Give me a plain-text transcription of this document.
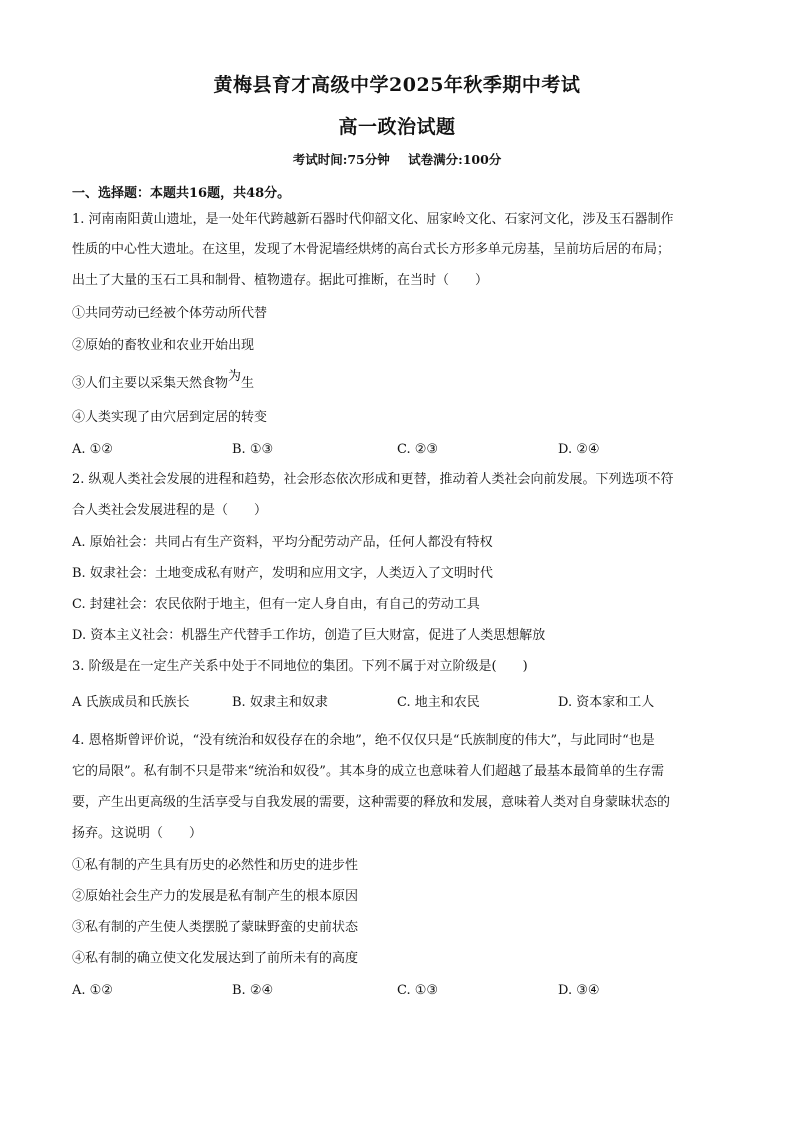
黄梅县育才高级中学2025年秋季期中考试
高一政治试题
考试时间:75分钟 试卷满分:100分
一、选择题：本题共16题，共48分。
1. 河南南阳黄山遗址，是一处年代跨越新石器时代仰韶文化、屈家岭文化、石家河文化，涉及玉石器制作
性质的中心性大遗址。在这里，发现了木骨泥墙经烘烤的高台式长方形多单元房基，呈前坊后居的布局；
出土了大量的玉石工具和制骨、植物遗存。据此可推断，在当时（　　）
①共同劳动已经被个体劳动所代替
②原始的畜牧业和农业开始出现
③人们主要以采集天然食物为生
④人类实现了由穴居到定居的转变
A. ①②	B. ①③	C. ②③	D. ②④
2. 纵观人类社会发展的进程和趋势，社会形态依次形成和更替，推动着人类社会向前发展。下列选项不符
合人类社会发展进程的是（　　）
A. 原始社会：共同占有生产资料，平均分配劳动产品，任何人都没有特权
B. 奴隶社会：土地变成私有财产，发明和应用文字，人类迈入了文明时代
C. 封建社会：农民依附于地主，但有一定人身自由，有自己的劳动工具
D. 资本主义社会：机器生产代替手工作坊，创造了巨大财富，促进了人类思想解放
3. 阶级是在一定生产关系中处于不同地位的集团。下列不属于对立阶级是(　　)
A 氏族成员和氏族长	B. 奴隶主和奴隶	C. 地主和农民	D. 资本家和工人
4. 恩格斯曾评价说，“没有统治和奴役存在的余地”，绝不仅仅只是“氏族制度的伟大”，与此同时“也是
它的局限”。私有制不只是带来“统治和奴役”。其本身的成立也意味着人们超越了最基本最简单的生存需
要，产生出更高级的生活享受与自我发展的需要，这种需要的释放和发展，意味着人类对自身蒙昧状态的
扬弃。这说明（　　）
①私有制的产生具有历史的必然性和历史的进步性
②原始社会生产力的发展是私有制产生的根本原因
③私有制的产生使人类摆脱了蒙昧野蛮的史前状态
④私有制的确立使文化发展达到了前所未有的高度
A. ①②	B. ②④	C. ①③	D. ③④
